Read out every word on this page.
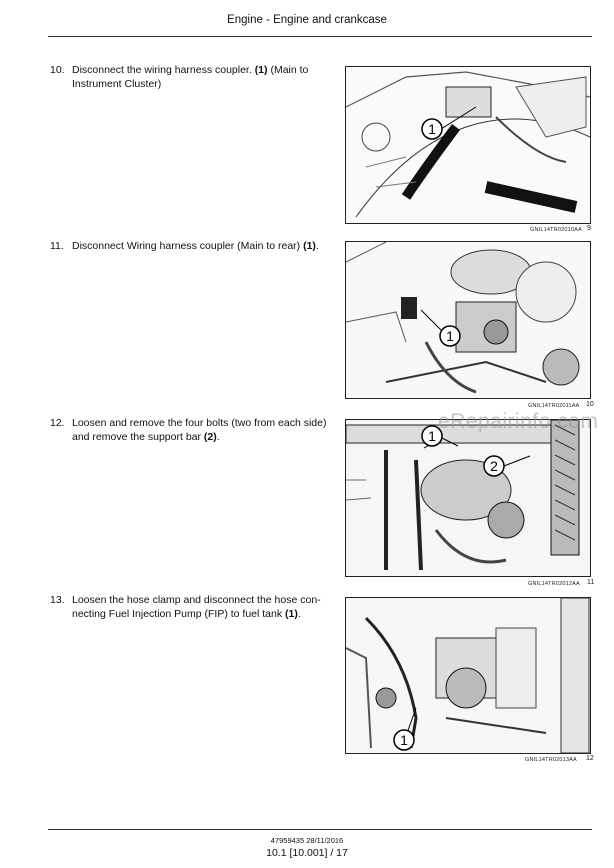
Engine - Engine and crankcase
10. Disconnect the wiring harness coupler. (1) (Main to
Instrument Cluster)
1
GNIL14TR02010AA 9
11. Disconnect Wiring harness coupler (Main to rear) (1).
1
GNIL14TR02011AA 10
12. Loosen and remove the four bolts (two from each side)
and remove the support bar (2).	1
2
GNIL14TR02012AA 11
13. Loosen the hose clamp and disconnect the hose con-
necting Fuel Injection Pump (FIP) to fuel tank (1).
1
GNIL14TR02013AA 12
eRepairinfo.com
47959435 28/11/2016
10.1 [10.001] / 17
